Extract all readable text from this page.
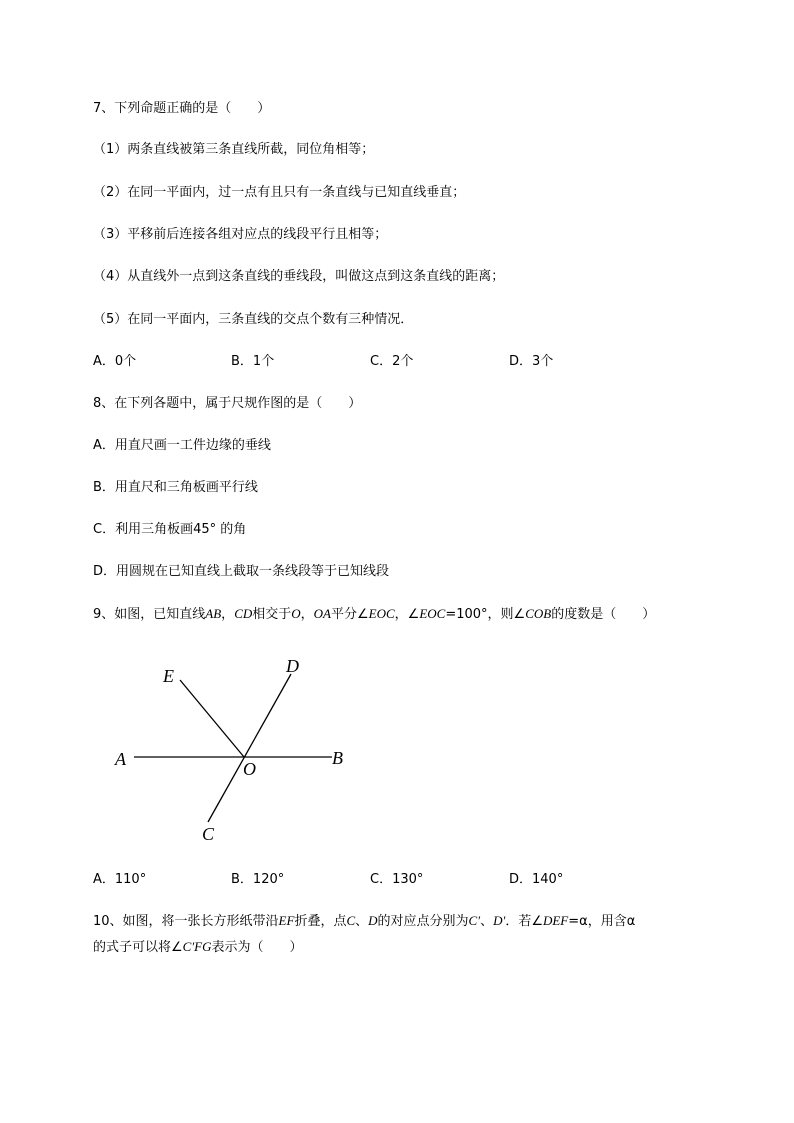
7、下列命题正确的是（　　）
（1）两条直线被第三条直线所截，同位角相等；
（2）在同一平面内，过一点有且只有一条直线与已知直线垂直；
（3）平移前后连接各组对应点的线段平行且相等；
（4）从直线外一点到这条直线的垂线段，叫做这点到这条直线的距离；
（5）在同一平面内，三条直线的交点个数有三种情况．
A．0个	B．1个	C．2个	D．3个
8、在下列各题中，属于尺规作图的是（　　）
A．用直尺画一工件边缘的垂线
B．用直尺和三角板画平行线
C．利用三角板画45° 的角
D．用圆规在已知直线上截取一条线段等于已知线段
9、如图，已知直线AB，CD相交于O，OA平分∠EOC，∠EOC=100°，则∠COB的度数是（　　）
A	B
C
D
E
O
A．110°	B．120°	C．130°	D．140°
10、如图，将一张长方形纸带沿EF折叠，点C、D的对应点分别为C′、D′．若∠DEF=α，用含α
的式子可以将∠C′FG表示为（　　）
